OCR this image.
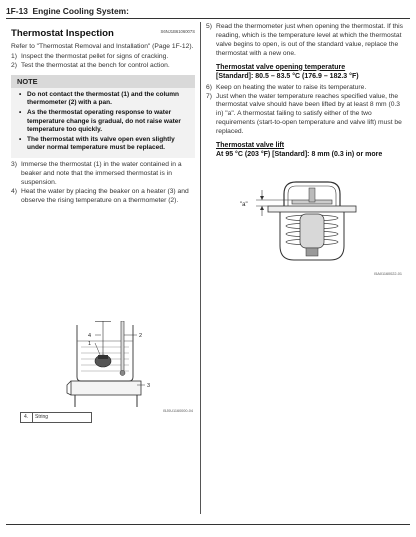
1F-13 Engine Cooling System:
Thermostat Inspection	S6NJ1B6106007S

Refer to "Thermostat Removal and Installation" (Page 1F-12).

1) Inspect the thermostat pellet for signs of cracking.
2) Test the thermostat at the bench for control action.
NOTE
• Do not contact the thermostat (1) and the column thermometer (2) with a pan.
• As the thermostat operating response to water temperature change is gradual, do not raise water temperature too quickly.
• The thermostat with its valve open even slightly under normal temperature must be replaced.
3) Immerse the thermostat (1) in the water contained in a beaker and note that the immersed thermostat is in suspension.
4) Heat the water by placing the beaker on a heater (3) and observe the rising temperature on a thermometer (2).
4
1
2
3
I5J0U1160000-04
4. String
5) Read the thermometer just when opening the thermostat. If this reading, which is the temperature level at which the thermostat valve begins to open, is out of the standard value, replace the thermostat with a new one.
Thermostat valve opening temperature
[Standard]: 80.5 – 83.5 °C (176.9 – 182.3 °F)
6) Keep on heating the water to raise its temperature.
7) Just when the water temperature reaches specified value, the thermostat valve should have been lifted by at least 8 mm (0.3 in) "a". A thermostat failing to satisfy either of the two requirements (start-to-open temperature and valve lift) must be replaced.
Thermostat valve lift
At 95 °C (203 °F) [Standard]: 8 mm (0.3 in) or more
"a"
I5A01160022-01
